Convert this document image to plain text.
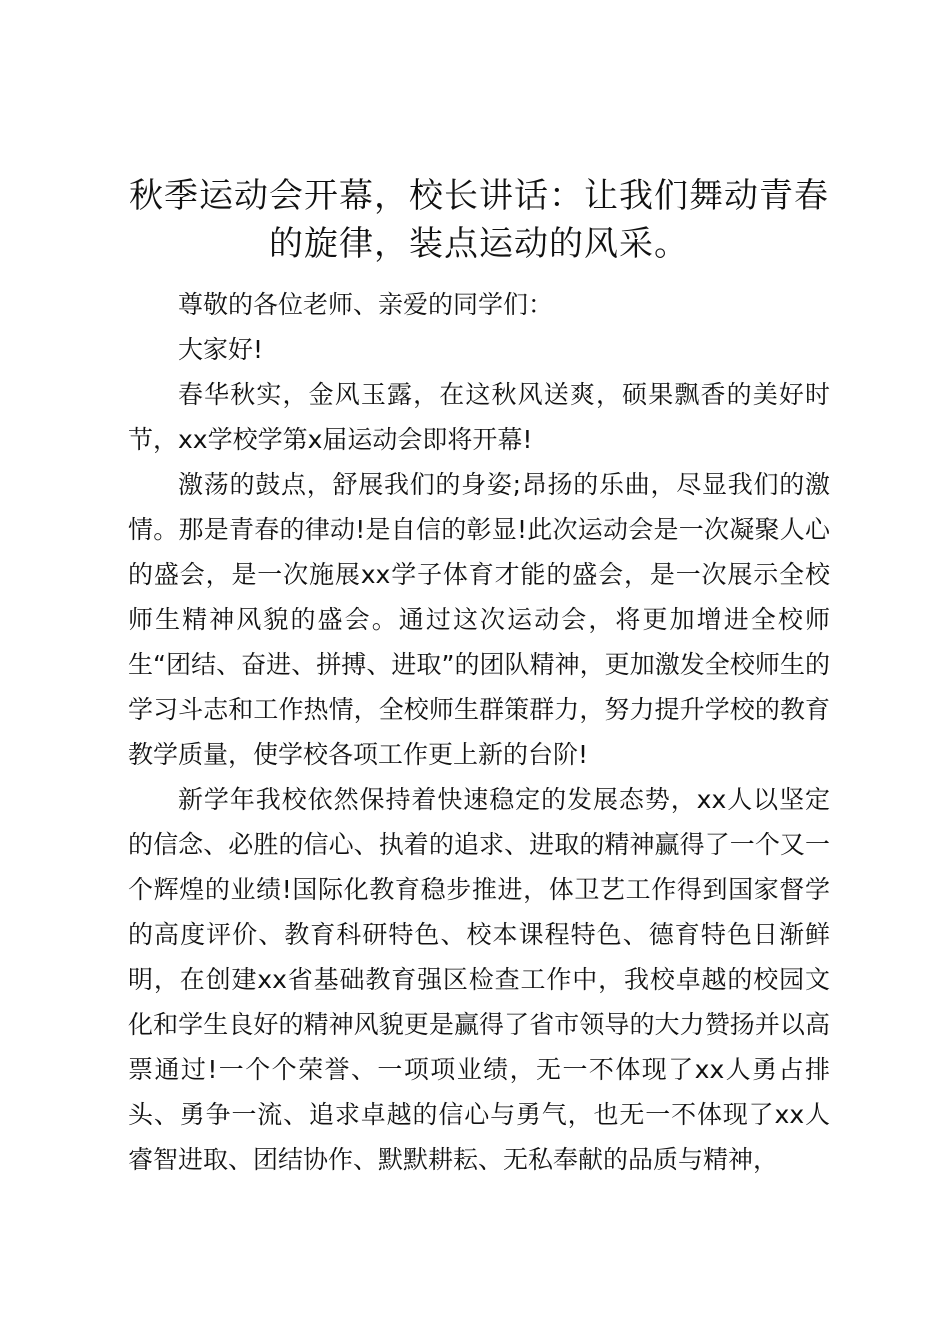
秋季运动会开幕，校长讲话：让我们舞动青春
的旋律，装点运动的风采。

尊敬的各位老师、亲爱的同学们：

大家好!

春华秋实，金风玉露，在这秋风送爽，硕果飘香的美好时节，xx学校学第x届运动会即将开幕!

激荡的鼓点，舒展我们的身姿;昂扬的乐曲，尽显我们的激情。那是青春的律动!是自信的彰显!此次运动会是一次凝聚人心的盛会，是一次施展xx学子体育才能的盛会，是一次展示全校师生精神风貌的盛会。通过这次运动会，将更加增进全校师生“团结、奋进、拼搏、进取”的团队精神，更加激发全校师生的学习斗志和工作热情，全校师生群策群力，努力提升学校的教育教学质量，使学校各项工作更上新的台阶!

新学年我校依然保持着快速稳定的发展态势，xx人以坚定的信念、必胜的信心、执着的追求、进取的精神赢得了一个又一个辉煌的业绩!国际化教育稳步推进，体卫艺工作得到国家督学的高度评价、教育科研特色、校本课程特色、德育特色日渐鲜明，在创建xx省基础教育强区检查工作中，我校卓越的校园文化和学生良好的精神风貌更是赢得了省市领导的大力赞扬并以高票通过!一个个荣誉、一项项业绩，无一不体现了xx人勇占排头、勇争一流、追求卓越的信心与勇气，也无一不体现了xx人睿智进取、团结协作、默默耕耘、无私奉献的品质与精神，
